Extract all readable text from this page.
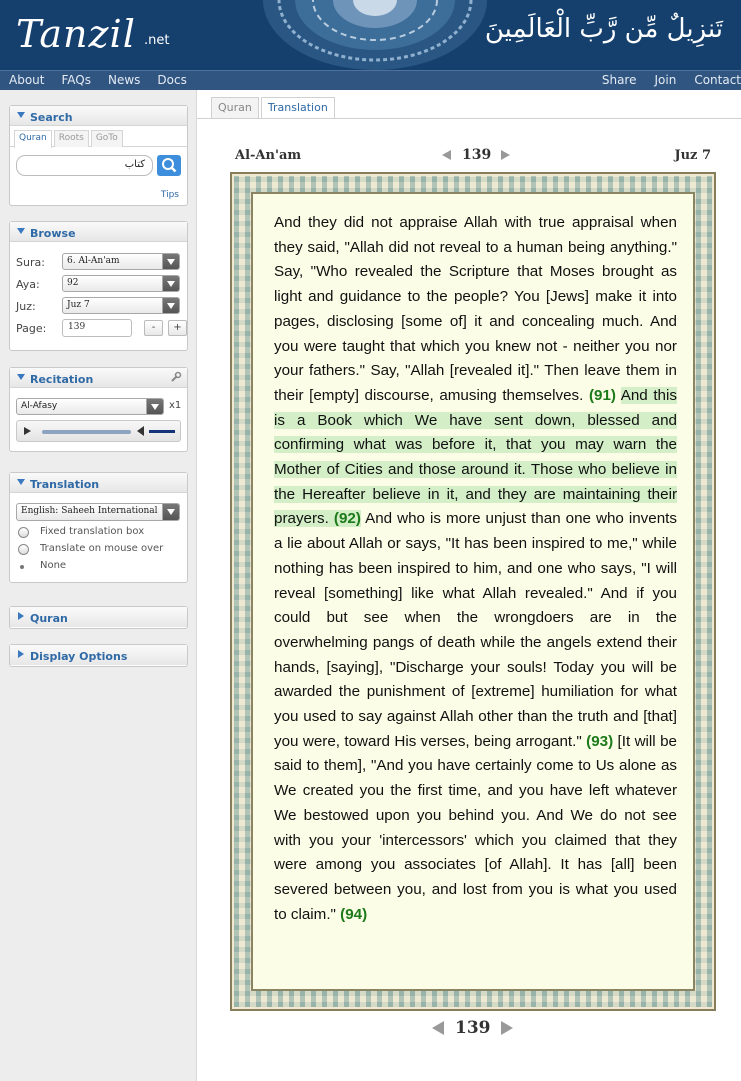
Tanzil .net	تَنزِيلٌ مِّن رَّبِّ الْعَالَمِينَ
About FAQs News Docs	Share Join Contact
Search
Quran	Roots	GoTo
كتاب
Tips
Browse
Sura:	6. Al-An'am
Aya:	92
Juz:	Juz 7
Page:	139	-	+
Recitation
Al-Afasy	x1
Translation
English: Saheeh International
Fixed translation box
Translate on mouse over
None
Quran
Display Options
Quran	Translation
Al-An'am	139	Juz 7
And they did not appraise Allah with true appraisal when they said, "Allah did not reveal to a human being anything." Say, "Who revealed the Scripture that Moses brought as light and guidance to the people? You [Jews] make it into pages, disclosing [some of] it and concealing much. And you were taught that which you knew not - neither you nor your fathers." Say, "Allah [revealed it]." Then leave them in their [empty] discourse, amusing themselves. (91) And this is a Book which We have sent down, blessed and confirming what was before it, that you may warn the Mother of Cities and those around it. Those who believe in the Hereafter believe in it, and they are maintaining their prayers. (92) And who is more unjust than one who invents a lie about Allah or says, "It has been inspired to me," while nothing has been inspired to him, and one who says, "I will reveal [something] like what Allah revealed." And if you could but see when the wrongdoers are in the overwhelming pangs of death while the angels extend their hands, [saying], "Discharge your souls! Today you will be awarded the punishment of [extreme] humiliation for what you used to say against Allah other than the truth and [that] you were, toward His verses, being arrogant." (93) [It will be said to them], "And you have certainly come to Us alone as We created you the first time, and you have left whatever We bestowed upon you behind you. And We do not see with you your 'intercessors' which you claimed that they were among you associates [of Allah]. It has [all] been severed between you, and lost from you is what you used to claim." (94)
139
